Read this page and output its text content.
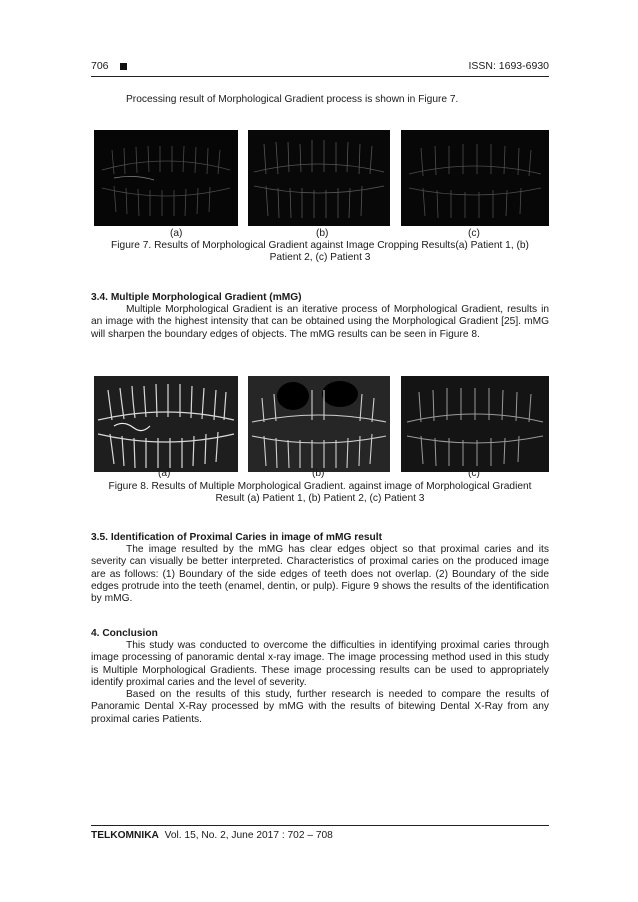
706	ISSN: 1693-6930

Processing result of Morphological Gradient process is shown in Figure 7.

(a)	(b)	(c)

Figure 7. Results of Morphological Gradient against Image Cropping Results(a) Patient 1, (b)
Patient 2, (c) Patient 3

3.4. Multiple Morphological Gradient (mMG)

Multiple Morphological Gradient is an iterative process of Morphological Gradient, results in an image with the highest intensity that can be obtained using the Morphological Gradient [25]. mMG will sharpen the boundary edges of objects. The mMG results can be seen in Figure 8.

(a)	(b)	(c)

Figure 8. Results of Multiple Morphological Gradient. against image of Morphological Gradient
Result (a) Patient 1, (b) Patient 2, (c) Patient 3

3.5. Identification of Proximal Caries in image of mMG result

The image resulted by the mMG has clear edges object so that proximal caries and its severity can visually be better interpreted. Characteristics of proximal caries on the produced image are as follows: (1) Boundary of the side edges of teeth does not overlap. (2) Boundary of the side edges protrude into the teeth (enamel, dentin, or pulp). Figure 9 shows the results of the identification by mMG.

4. Conclusion

This study was conducted to overcome the difficulties in identifying proximal caries through image processing of panoramic dental x-ray image. The image processing method used in this study is Multiple Morphological Gradients. These image processing results can be used to appropriately identify proximal caries and the level of severity.

Based on the results of this study, further research is needed to compare the results of Panoramic Dental X-Ray processed by mMG with the results of bitewing Dental X-Ray from any proximal caries Patients.

TELKOMNIKA Vol. 15, No. 2, June 2017 : 702 – 708
